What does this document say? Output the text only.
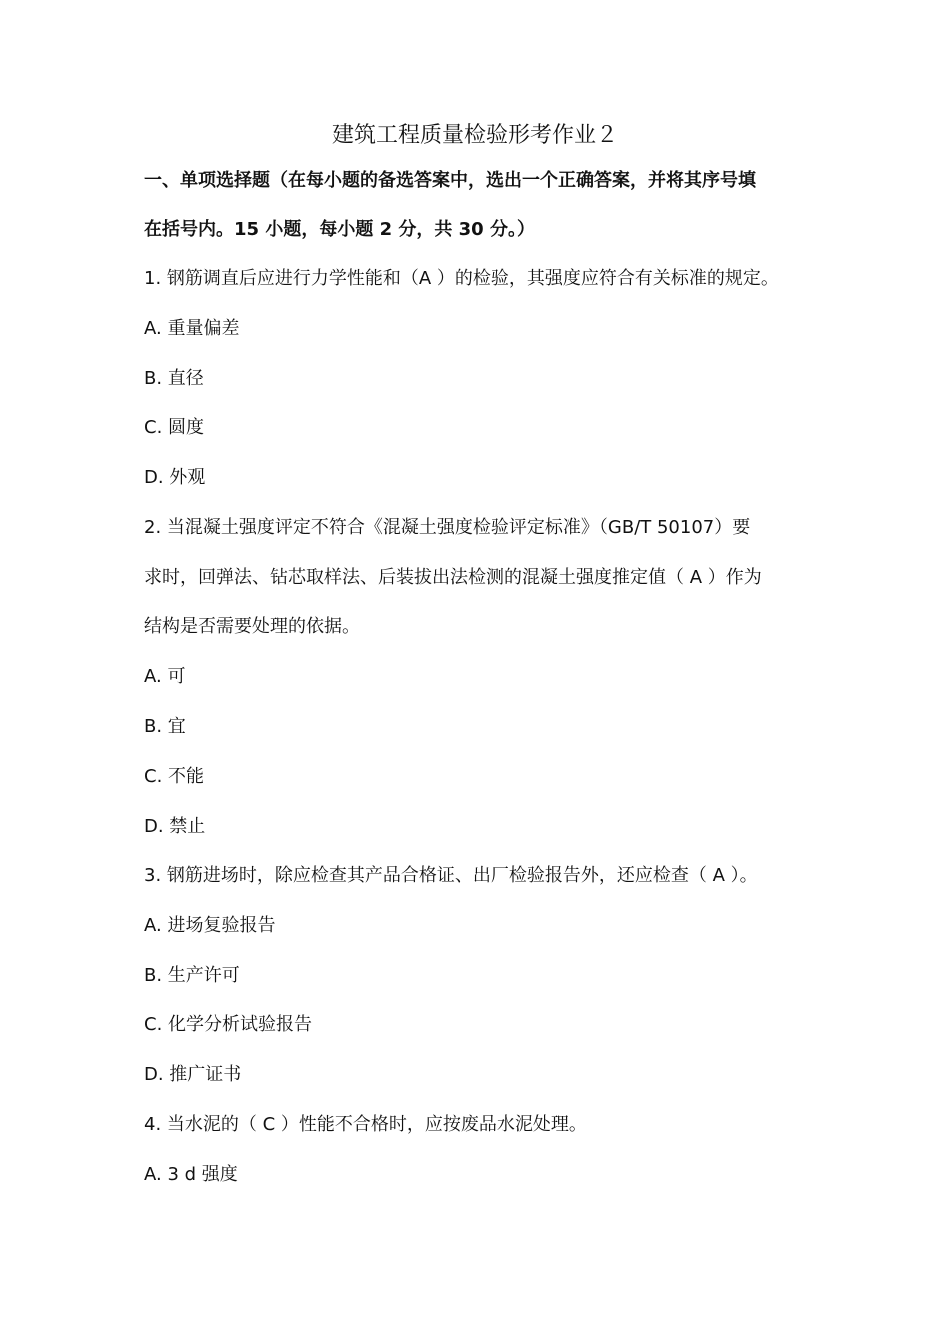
建筑工程质量检验形考作业２
一、单项选择题（在每小题的备选答案中，选出一个正确答案，并将其序号填
在括号内。15 小题，每小题 2 分，共 30 分。）
1. 钢筋调直后应进行力学性能和（A ）的检验，其强度应符合有关标准的规定。
A. 重量偏差
B. 直径
C. 圆度
D. 外观
2. 当混凝土强度评定不符合《混凝土强度检验评定标准》（GB/T 50107）要
求时，回弹法、钻芯取样法、后装拔出法检测的混凝土强度推定值（ A ）作为
结构是否需要处理的依据。
A. 可
B. 宜
C. 不能
D. 禁止
3. 钢筋进场时，除应检查其产品合格证、出厂检验报告外，还应检查（ A ）。
A. 进场复验报告
B. 生产许可
C. 化学分析试验报告
D. 推广证书
4. 当水泥的（ C ）性能不合格时，应按废品水泥处理。
A. 3 d 强度
